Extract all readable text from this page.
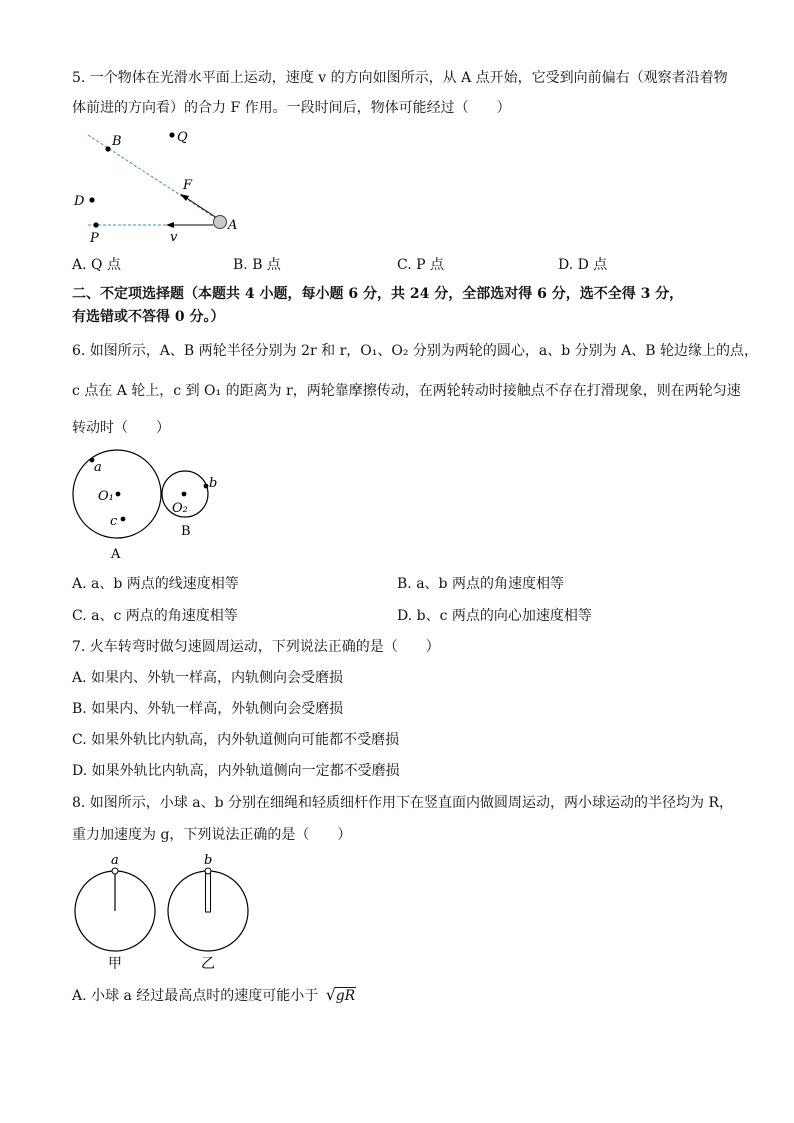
5. 一个物体在光滑水平面上运动，速度 v 的方向如图所示，从 A 点开始，它受到向前偏右（观察者沿着物
体前进的方向看）的合力 F 作用。一段时间后，物体可能经过（　　）
B	Q
F
D
A
P	v
A. Q 点	B. B 点	C. P 点	D. D 点
二、不定项选择题（本题共 4 小题，每小题 6 分，共 24 分，全部选对得 6 分，选不全得 3 分，
有选错或不答得 0 分。）
6. 如图所示，A、B 两轮半径分别为 2r 和 r，O₁、O₂ 分别为两轮的圆心，a、b 分别为 A、B 轮边缘上的点，
c 点在 A 轮上，c 到 O₁ 的距离为 r，两轮靠摩擦传动，在两轮转动时接触点不存在打滑现象，则在两轮匀速
转动时（　　）
a
O₁
c
O₂
b
A
B
A. a、b 两点的线速度相等	B. a、b 两点的角速度相等
C. a、c 两点的角速度相等	D. b、c 两点的向心加速度相等
7. 火车转弯时做匀速圆周运动，下列说法正确的是（　　）
A. 如果内、外轨一样高，内轨侧向会受磨损
B. 如果内、外轨一样高，外轨侧向会受磨损
C. 如果外轨比内轨高，内外轨道侧向可能都不受磨损
D. 如果外轨比内轨高，内外轨道侧向一定都不受磨损
8. 如图所示，小球 a、b 分别在细绳和轻质细杆作用下在竖直面内做圆周运动，两小球运动的半径均为 R，
重力加速度为 g，下列说法正确的是（　　）
a	b
甲	乙
A. 小球 a 经过最高点时的速度可能小于 √ gR
